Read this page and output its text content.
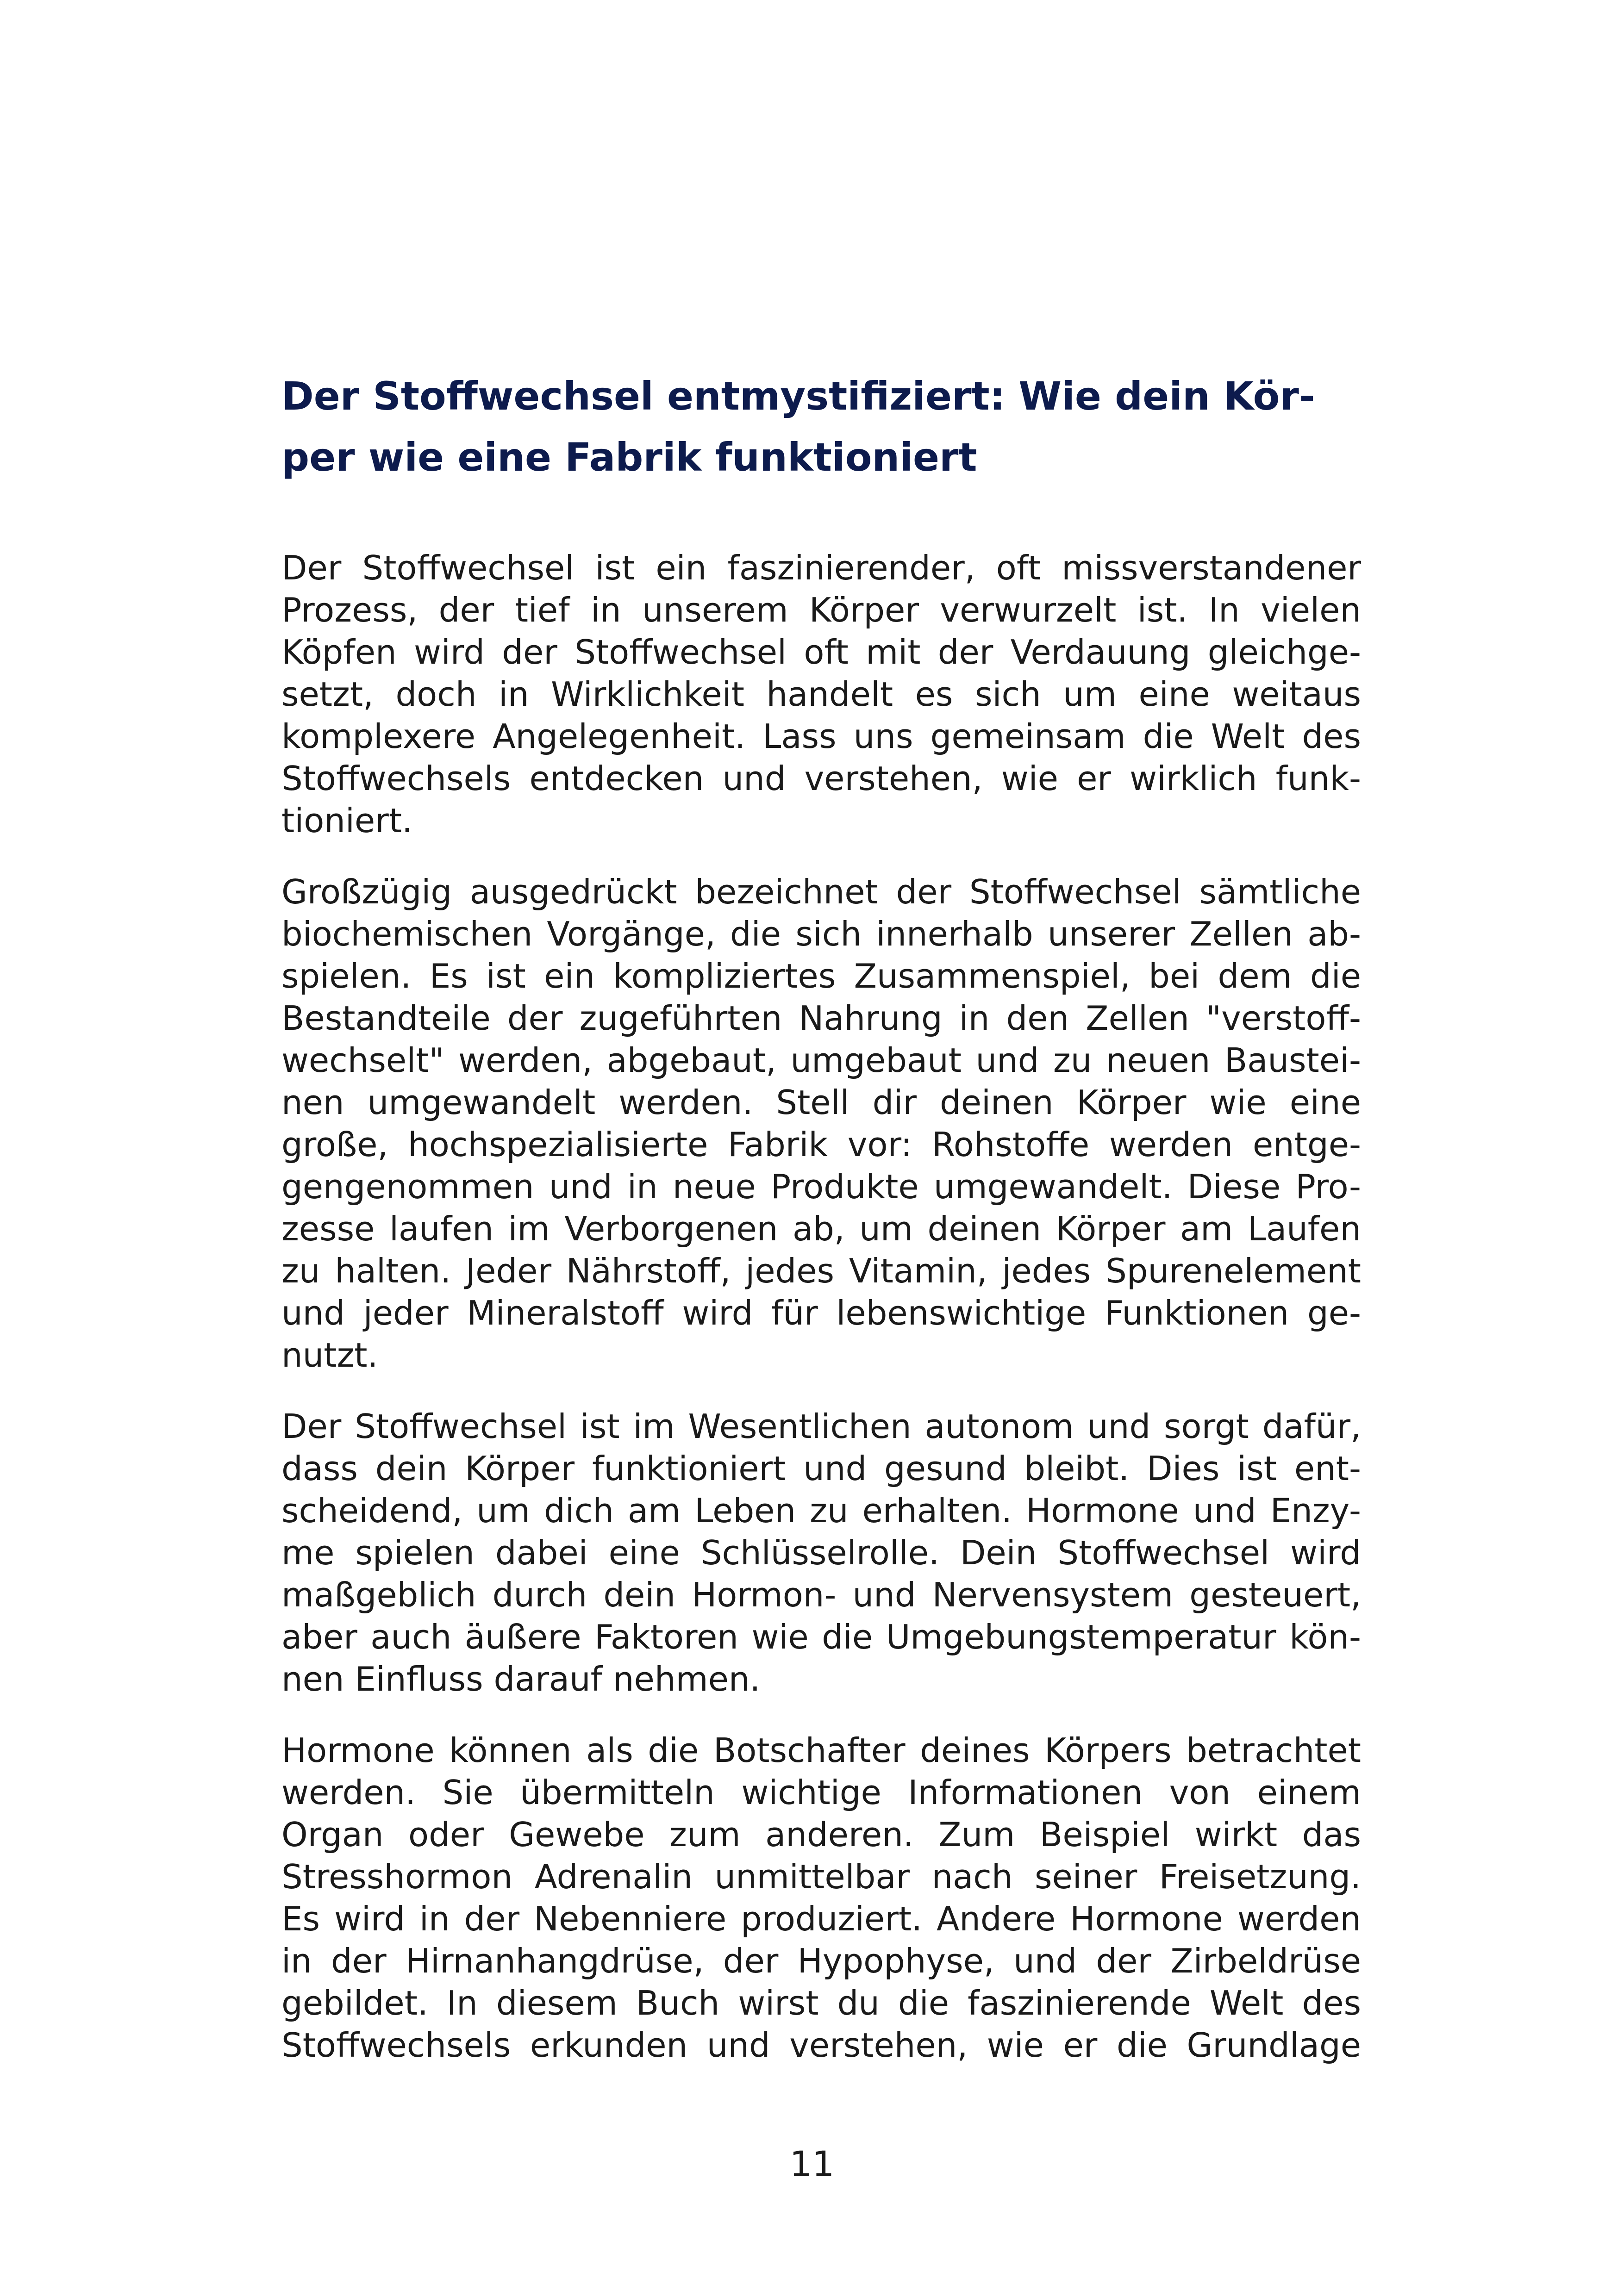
Der Stoffwechsel entmystifiziert: Wie dein Kör-
per wie eine Fabrik funktioniert

Der Stoffwechsel ist ein faszinierender, oft missverstandener
Prozess, der tief in unserem Körper verwurzelt ist. In vielen
Köpfen wird der Stoffwechsel oft mit der Verdauung gleichge-
setzt, doch in Wirklichkeit handelt es sich um eine weitaus
komplexere Angelegenheit. Lass uns gemeinsam die Welt des
Stoffwechsels entdecken und verstehen, wie er wirklich funk-
tioniert.

Großzügig ausgedrückt bezeichnet der Stoffwechsel sämtliche
biochemischen Vorgänge, die sich innerhalb unserer Zellen ab-
spielen. Es ist ein kompliziertes Zusammenspiel, bei dem die
Bestandteile der zugeführten Nahrung in den Zellen "verstoff-
wechselt" werden, abgebaut, umgebaut und zu neuen Baustei-
nen umgewandelt werden. Stell dir deinen Körper wie eine
große, hochspezialisierte Fabrik vor: Rohstoffe werden entge-
gengenommen und in neue Produkte umgewandelt. Diese Pro-
zesse laufen im Verborgenen ab, um deinen Körper am Laufen
zu halten. Jeder Nährstoff, jedes Vitamin, jedes Spurenelement
und jeder Mineralstoff wird für lebenswichtige Funktionen ge-
nutzt.

Der Stoffwechsel ist im Wesentlichen autonom und sorgt dafür,
dass dein Körper funktioniert und gesund bleibt. Dies ist ent-
scheidend, um dich am Leben zu erhalten. Hormone und Enzy-
me spielen dabei eine Schlüsselrolle. Dein Stoffwechsel wird
maßgeblich durch dein Hormon- und Nervensystem gesteuert,
aber auch äußere Faktoren wie die Umgebungstemperatur kön-
nen Einfluss darauf nehmen.

Hormone können als die Botschafter deines Körpers betrachtet
werden. Sie übermitteln wichtige Informationen von einem
Organ oder Gewebe zum anderen. Zum Beispiel wirkt das
Stresshormon Adrenalin unmittelbar nach seiner Freisetzung.
Es wird in der Nebenniere produziert. Andere Hormone werden
in der Hirnanhangdrüse, der Hypophyse, und der Zirbeldrüse
gebildet. In diesem Buch wirst du die faszinierende Welt des
Stoffwechsels erkunden und verstehen, wie er die Grundlage

11
